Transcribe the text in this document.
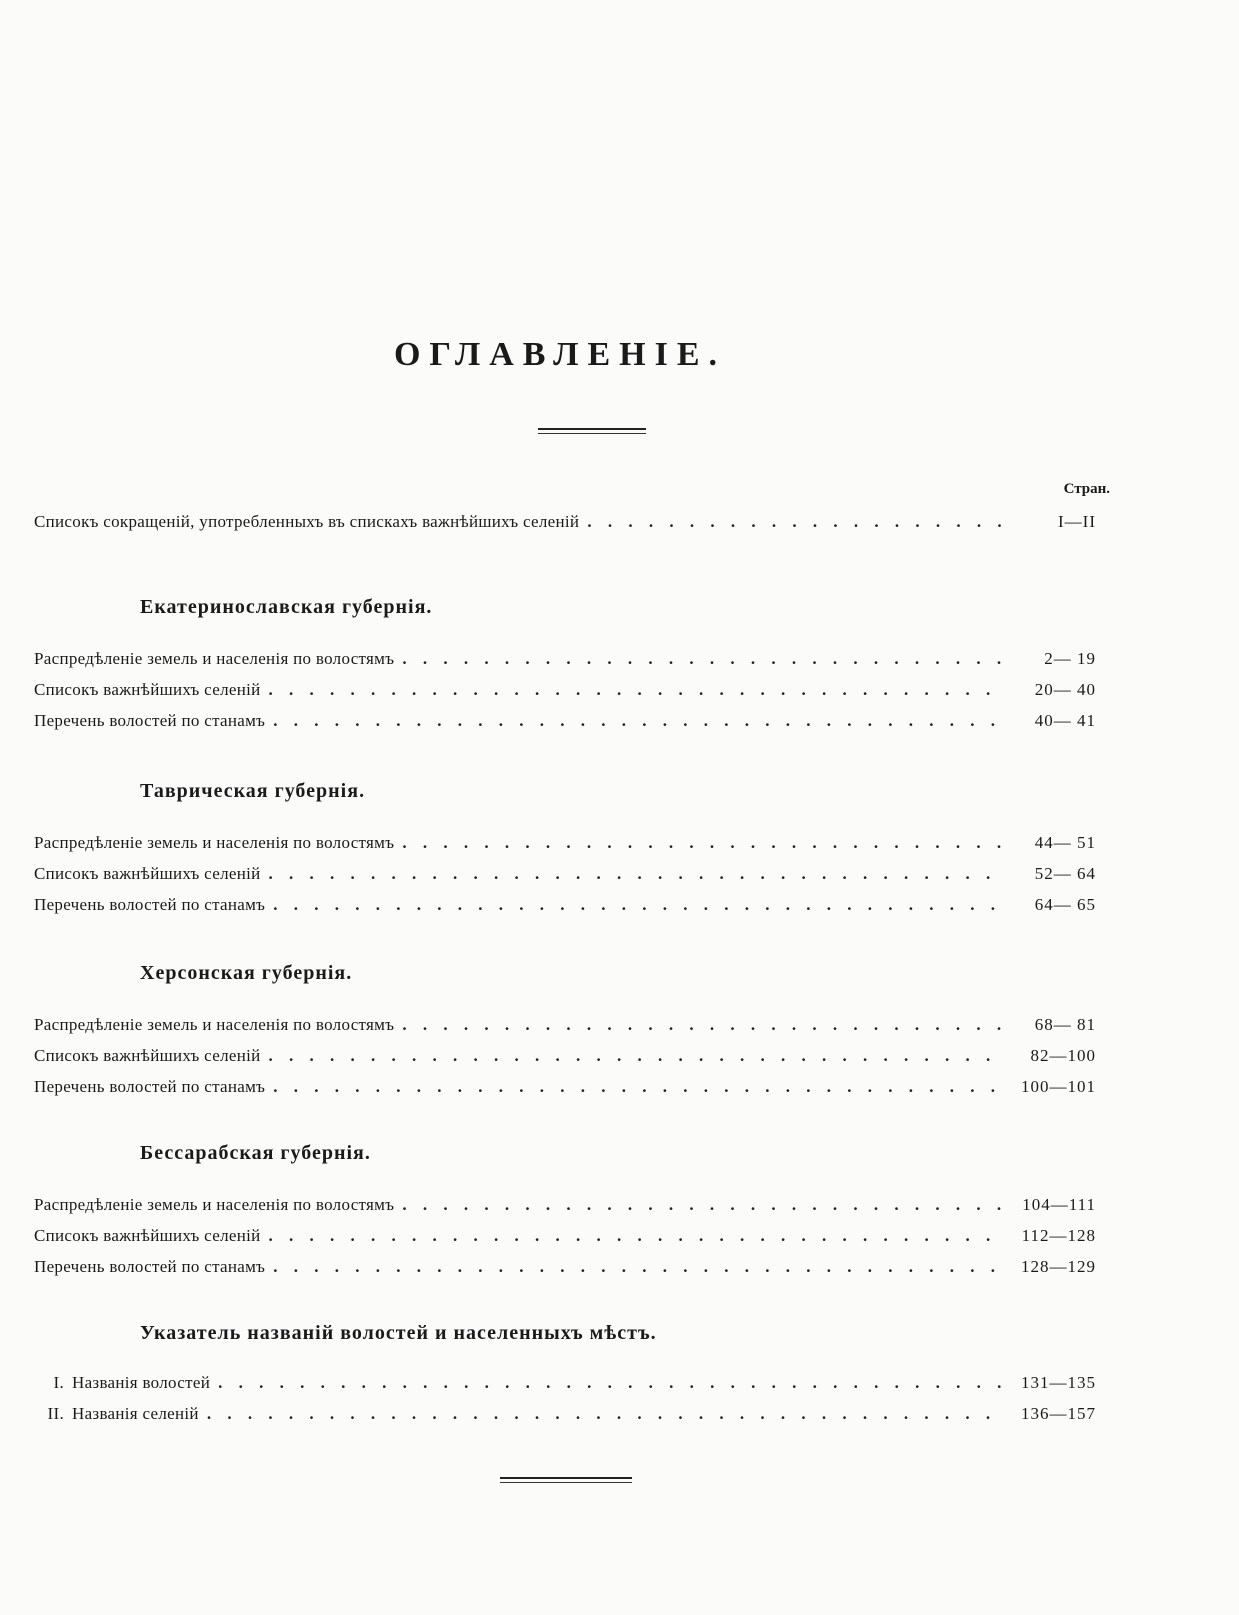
ОГЛАВЛЕНІЕ.
Стран.
Списокъ сокращеній, употребленныхъ въ спискахъ важнѣйшихъ селеній . . .	I—II
Екатеринославская губернія.
Распредѣленіе земель и населенія по волостямъ . . .	2— 19
Списокъ важнѣйшихъ селеній . . .	20— 40
Перечень волостей по станамъ . . .	40— 41
Таврическая губернія.
Распредѣленіе земель и населенія по волостямъ . . .	44— 51
Списокъ важнѣйшихъ селеній . . .	52— 64
Перечень волостей по станамъ . . .	64— 65
Херсонская губернія.
Распредѣленіе земель и населенія по волостямъ . . .	68— 81
Списокъ важнѣйшихъ селеній . . .	82—100
Перечень волостей по станамъ . . .	100—101
Бессарабская губернія.
Распредѣленіе земель и населенія по волостямъ . . .	104—111
Списокъ важнѣйшихъ селеній . . .	112—128
Перечень волостей по станамъ . . .	128—129
Указатель названій волостей и населенныхъ мѣстъ.
I. Названія волостей . . .	131—135
II. Названія селеній . . .	136—157
